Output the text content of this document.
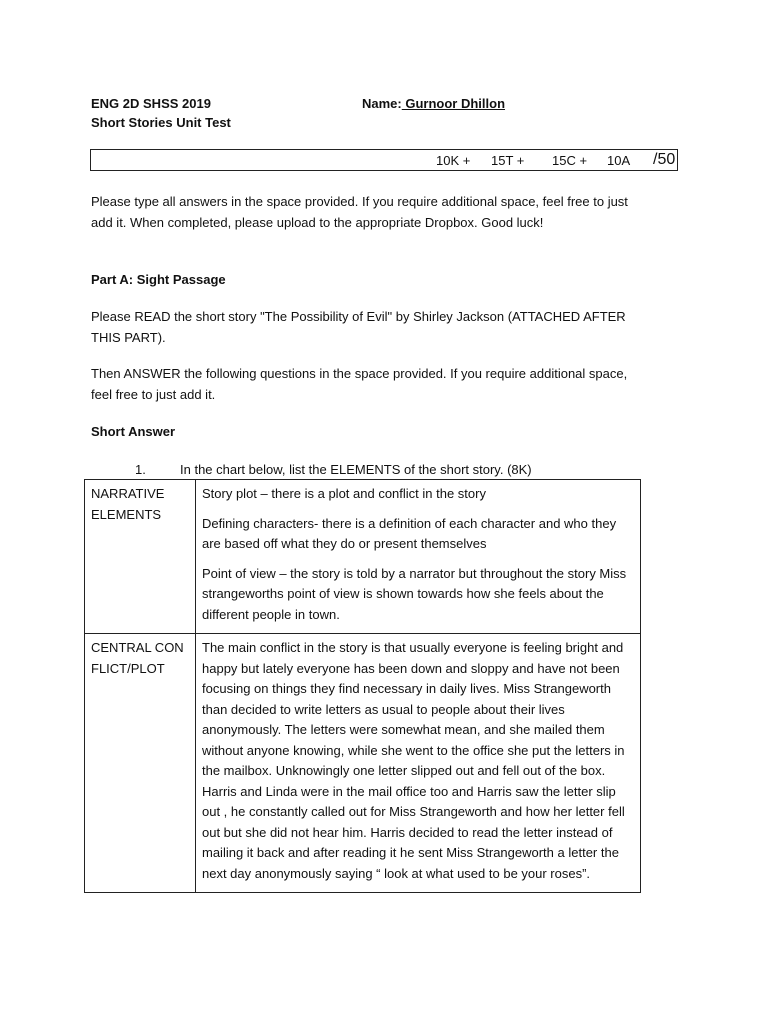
ENG 2D SHSS 2019
Short Stories Unit Test
Name: Gurnoor Dhillon
10K + 15T + 15C + 10A /50
Please type all answers in the space provided. If you require additional space, feel free to just add it. When completed, please upload to the appropriate Dropbox. Good luck!
Part A: Sight Passage
Please READ the short story "The Possibility of Evil" by Shirley Jackson (ATTACHED AFTER THIS PART).
Then ANSWER the following questions in the space provided. If you require additional space, feel free to just add it.
Short Answer
1.	In the chart below, list the ELEMENTS of the short story. (8K)
NARRATIVE ELEMENTS	Story plot – there is a plot and conflict in the story

Defining characters- there is a definition of each character and who they are based off what they do or present themselves

Point of view – the story is told by a narrator but throughout the story Miss strangeworths point of view is shown towards how she feels about the different people in town.

CENTRAL CONFLICT/PLOT	The main conflict in the story is that usually everyone is feeling bright and happy but lately everyone has been down and sloppy and have not been focusing on things they find necessary in daily lives. Miss Strangeworth than decided to write letters as usual to people about their lives anonymously. The letters were somewhat mean, and she mailed them without anyone knowing, while she went to the office she put the letters in the mailbox. Unknowingly one letter slipped out and fell out of the box. Harris and Linda were in the mail office too and Harris saw the letter slip out , he constantly called out for Miss Strangeworth and how her letter fell out but she did not hear him. Harris decided to read the letter instead of mailing it back and after reading it he sent Miss Strangeworth a letter the next day anonymously saying “ look at what used to be your roses”.
